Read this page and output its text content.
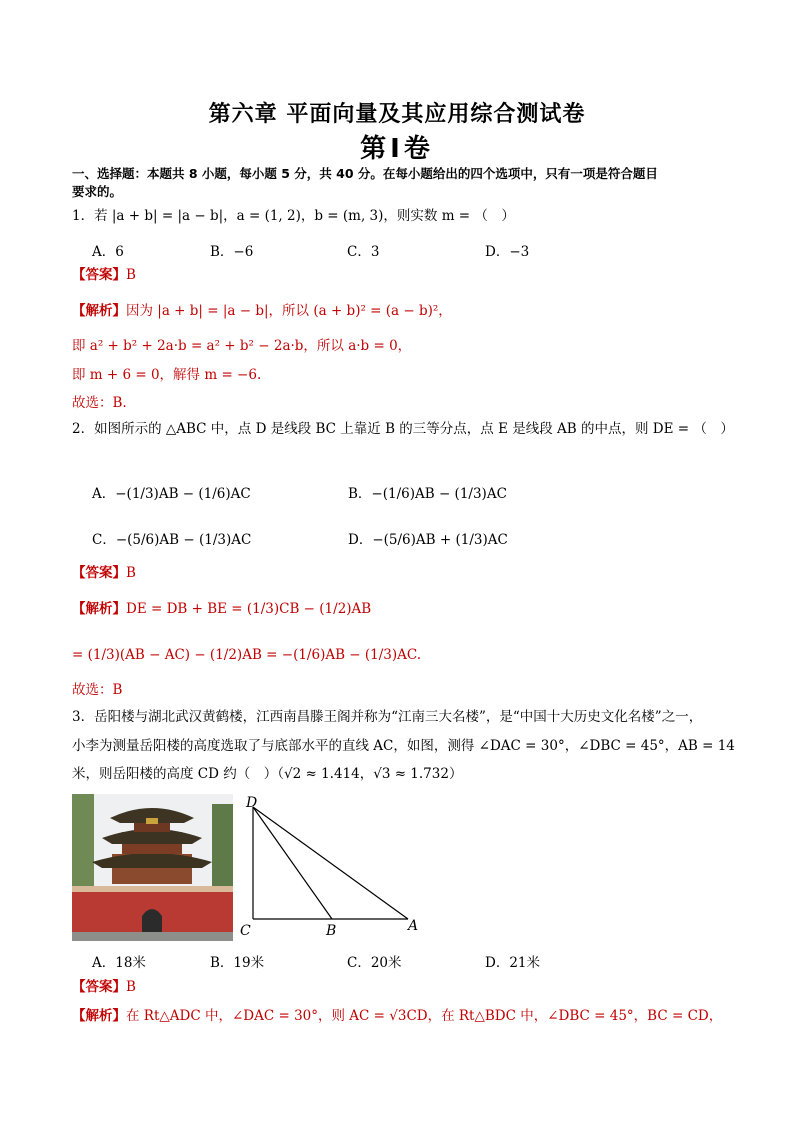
第六章 平面向量及其应用综合测试卷
第Ⅰ卷
一、选择题：本题共 8 小题，每小题 5 分，共 40 分。在每小题给出的四个选项中，只有一项是符合题目
要求的。
1．若 |a + b| = |a − b|，a = (1, 2)，b = (m, 3)，则实数 m = （　）
A．6	B．−6	C．3	D．−3
【答案】B
【解析】因为 |a + b| = |a − b|，所以 (a + b)² = (a − b)²，
即 a² + b² + 2a·b = a² + b² − 2a·b，所以 a·b = 0，
即 m + 6 = 0，解得 m = −6.
故选：B.
2．如图所示的 △ABC 中，点 D 是线段 BC 上靠近 B 的三等分点，点 E 是线段 AB 的中点，则 DE = （　）
A．−(1/3)AB − (1/6)AC	B．−(1/6)AB − (1/3)AC
C．−(5/6)AB − (1/3)AC	D．−(5/6)AB + (1/3)AC
【答案】B
【解析】DE = DB + BE = (1/3)CB − (1/2)AB
= (1/3)(AB − AC) − (1/2)AB = −(1/6)AB − (1/3)AC.
故选：B
3．岳阳楼与湖北武汉黄鹤楼，江西南昌滕王阁并称为“江南三大名楼”，是“中国十大历史文化名楼”之一，
小李为测量岳阳楼的高度选取了与底部水平的直线 AC，如图，测得 ∠DAC = 30°，∠DBC = 45°，AB = 14
米，则岳阳楼的高度 CD 约（　）（√2 ≈ 1.414，√3 ≈ 1.732）
D
C	B	A
A．18米	B．19米	C．20米	D．21米
【答案】B
【解析】在 Rt△ADC 中，∠DAC = 30°，则 AC = √3CD，在 Rt△BDC 中，∠DBC = 45°，BC = CD，
